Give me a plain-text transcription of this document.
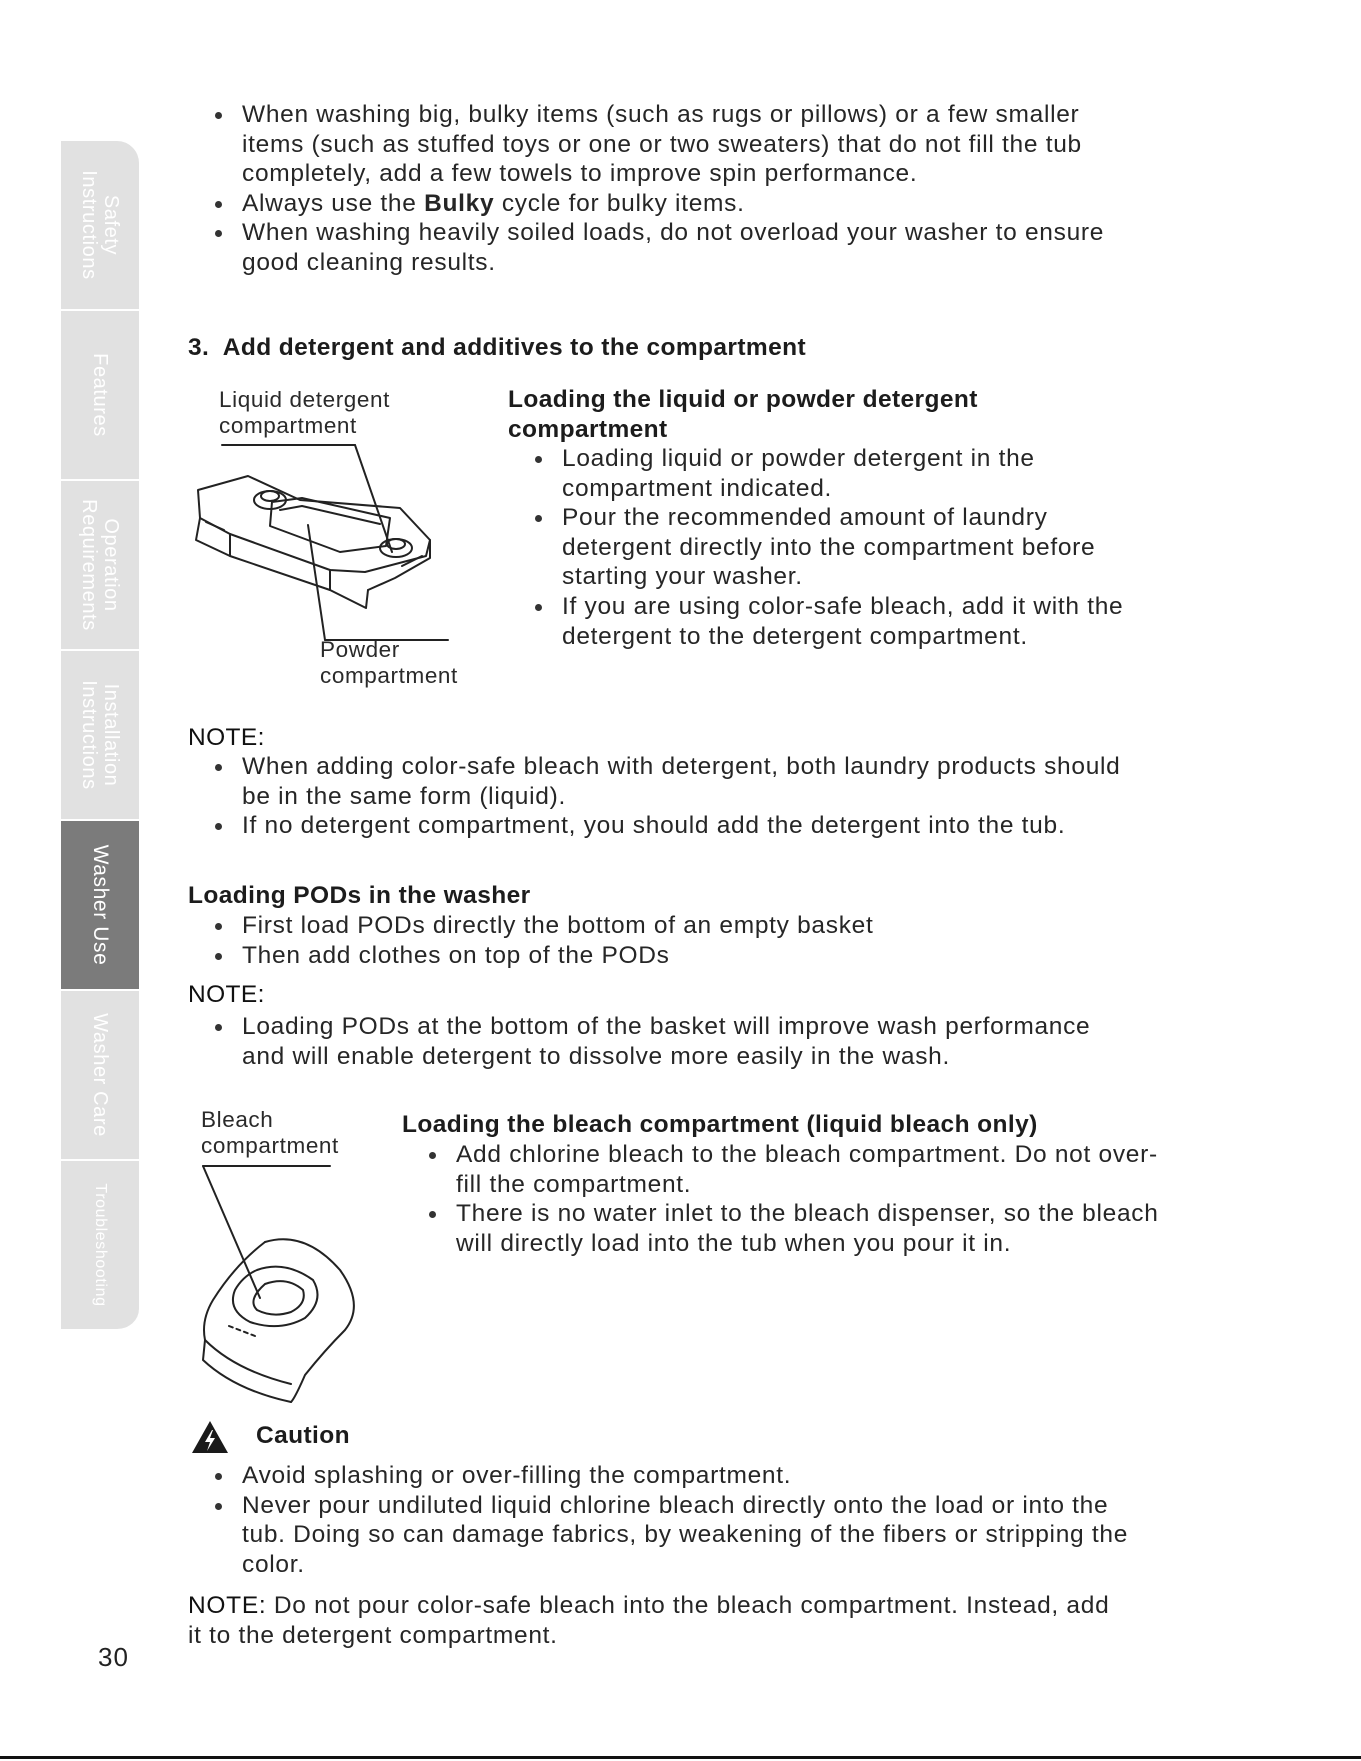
Safety
Instructions
Features
Operation
Requirements
Installation
Instructions
Washer Use
Washer Care
Troubleshooting
When washing big, bulky items (such as rugs or pillows) or a few smaller items (such as stuffed toys or one or two sweaters) that do not fill the tub completely, add a few towels to improve spin performance.
Always use the Bulky cycle for bulky items.
When washing heavily soiled loads, do not overload your washer to ensure good cleaning results.
3.  Add detergent and additives to the compartment
Liquid detergent
compartment
Powder
compartment
Loading the liquid or powder detergent compartment
Loading liquid or powder detergent in the compartment indicated.
Pour the recommended amount of laundry detergent directly into the compartment before starting your washer.
If you are using color-safe bleach, add it with the detergent to the detergent compartment.
NOTE:
When adding color-safe bleach with detergent, both laundry products should be in the same form (liquid).
If no detergent compartment, you should add the detergent into the tub.
Loading PODs in the washer
First load PODs directly the bottom of an empty basket
Then add clothes on top of the PODs
NOTE:
Loading PODs at the bottom of the basket will improve wash performance and will enable detergent to dissolve more easily in the wash.
Bleach
compartment
Loading the bleach compartment (liquid bleach only)
Add chlorine bleach to the bleach compartment. Do not over-fill the compartment.
There is no water inlet to the bleach dispenser, so the bleach will directly load into the tub when you pour it in.
Caution
Avoid splashing or over-filling the compartment.
Never pour undiluted liquid chlorine bleach directly onto the load or into the tub. Doing so can damage fabrics, by weakening of the fibers or stripping the color.
NOTE: Do not pour color-safe bleach into the bleach compartment. Instead, add it to the detergent compartment.
30
